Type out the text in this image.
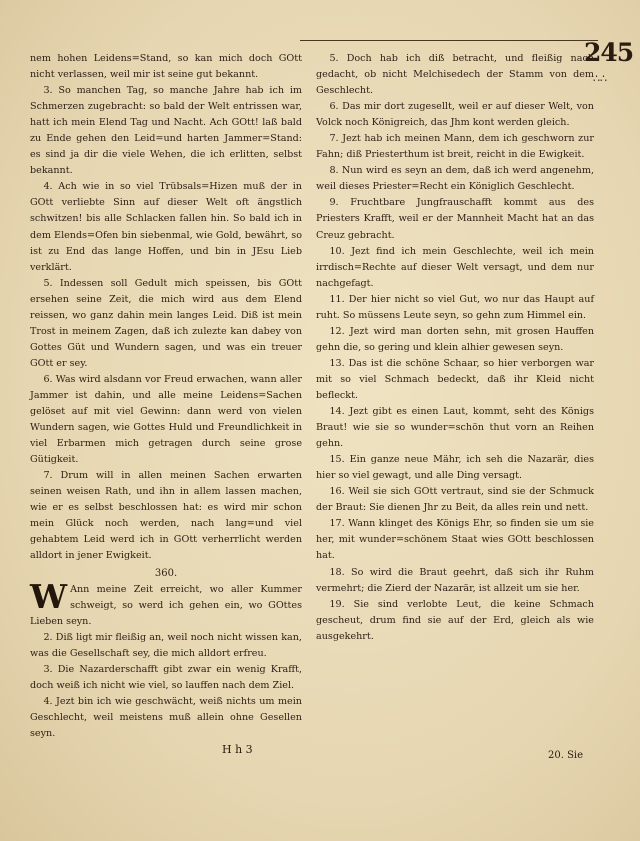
245
∴∴

nem hohen Leidens=Stand, so kan mich doch GOtt nicht verlassen, weil mir ist seine gut bekannt.

3. So manchen Tag, so manche Jahre hab ich im Schmerzen zugebracht: so bald der Welt entrissen war, hatt ich mein Elend Tag und Nacht. Ach GOtt! laß bald zu Ende gehen den Leid=und harten Jammer=Stand: es sind ja dir die viele Wehen, die ich erlitten, selbst bekannt.

4. Ach wie in so viel Trübsals=Hizen muß der in GOtt verliebte Sinn auf dieser Welt oft ängstlich schwitzen! bis alle Schlacken fallen hin. So bald ich in dem Elends=Ofen bin siebenmal, wie Gold, bewährt, so ist zu End das lange Hoffen, und bin in JEsu Lieb verklärt.

5. Indessen soll Gedult mich speissen, bis GOtt ersehen seine Zeit, die mich wird aus dem Elend reissen, wo ganz dahin mein langes Leid. Diß ist mein Trost in meinem Zagen, daß ich zulezte kan dabey von Gottes Güt und Wundern sagen, und was ein treuer GOtt er sey.

6. Was wird alsdann vor Freud erwachen, wann aller Jammer ist dahin, und alle meine Leidens=Sachen gelöset auf mit viel Gewinn: dann werd von vielen Wundern sagen, wie Gottes Huld und Freundlichkeit in viel Erbarmen mich getragen durch seine grose Gütigkeit.

7. Drum will in allen meinen Sachen erwarten seinen weisen Rath, und ihn in allem lassen machen, wie er es selbst beschlossen hat: es wird mir schon mein Glück noch werden, nach lang=und viel gehabtem Leid werd ich in GOtt verherrlicht werden alldort in jener Ewigkeit.

360.

W Ann meine Zeit erreicht, wo aller Kummer schweigt, so werd ich gehen ein, wo GOttes Lieben seyn.

2. Diß ligt mir fleißig an, weil noch nicht wissen kan, was die Gesellschaft sey, die mich alldort erfreu.

3. Die Nazarderschafft gibt zwar ein wenig Krafft, doch weiß ich nicht wie viel, so lauffen nach dem Ziel.

4. Jezt bin ich wie geschwächt, weiß nichts um mein Geschlecht, weil meistens muß allein ohne Gesellen seyn.

5. Doch hab ich diß betracht, und fleißig nach gedacht, ob nicht Melchisedech der Stamm von dem Geschlecht.

6. Das mir dort zugesellt, weil er auf dieser Welt, von Volck noch Königreich, das Jhm kont werden gleich.

7. Jezt hab ich meinen Mann, dem ich geschworn zur Fahn; diß Priesterthum ist breit, reicht in die Ewigkeit.

8. Nun wird es seyn an dem, daß ich werd angenehm, weil dieses Priester=Recht ein Königlich Geschlecht.

9. Fruchtbare Jungfrauschafft kommt aus des Priesters Krafft, weil er der Mannheit Macht hat an das Creuz gebracht.

10. Jezt find ich mein Geschlechte, weil ich mein irrdisch=Rechte auf dieser Welt versagt, und dem nur nachgefagt.

11. Der hier nicht so viel Gut, wo nur das Haupt auf ruht. So müssens Leute seyn, so gehn zum Himmel ein.

12. Jezt wird man dorten sehn, mit grosen Hauffen gehn die, so gering und klein alhier gewesen seyn.

13. Das ist die schöne Schaar, so hier verborgen war mit so viel Schmach bedeckt, daß ihr Kleid nicht befleckt.

14. Jezt gibt es einen Laut, kommt, seht des Königs Braut! wie sie so wunder=schön thut vorn an Reihen gehn.

15. Ein ganze neue Mähr, ich seh die Nazarär, dies hier so viel gewagt, und alle Ding versagt.

16. Weil sie sich GOtt vertraut, sind sie der Schmuck der Braut: Sie dienen Jhr zu Beit, da alles rein und nett.

17. Wann klinget des Königs Ehr, so finden sie um sie her, mit wunder=schönem Staat wies GOtt beschlossen hat.

18. So wird die Braut geehrt, daß sich ihr Ruhm vermehrt; die Zierd der Nazarär, ist allzeit um sie her.

19. Sie sind verlobte Leut, die keine Schmach gescheut, drum find sie auf der Erd, gleich als wie ausgekehrt.

H h 3	20. Sie
